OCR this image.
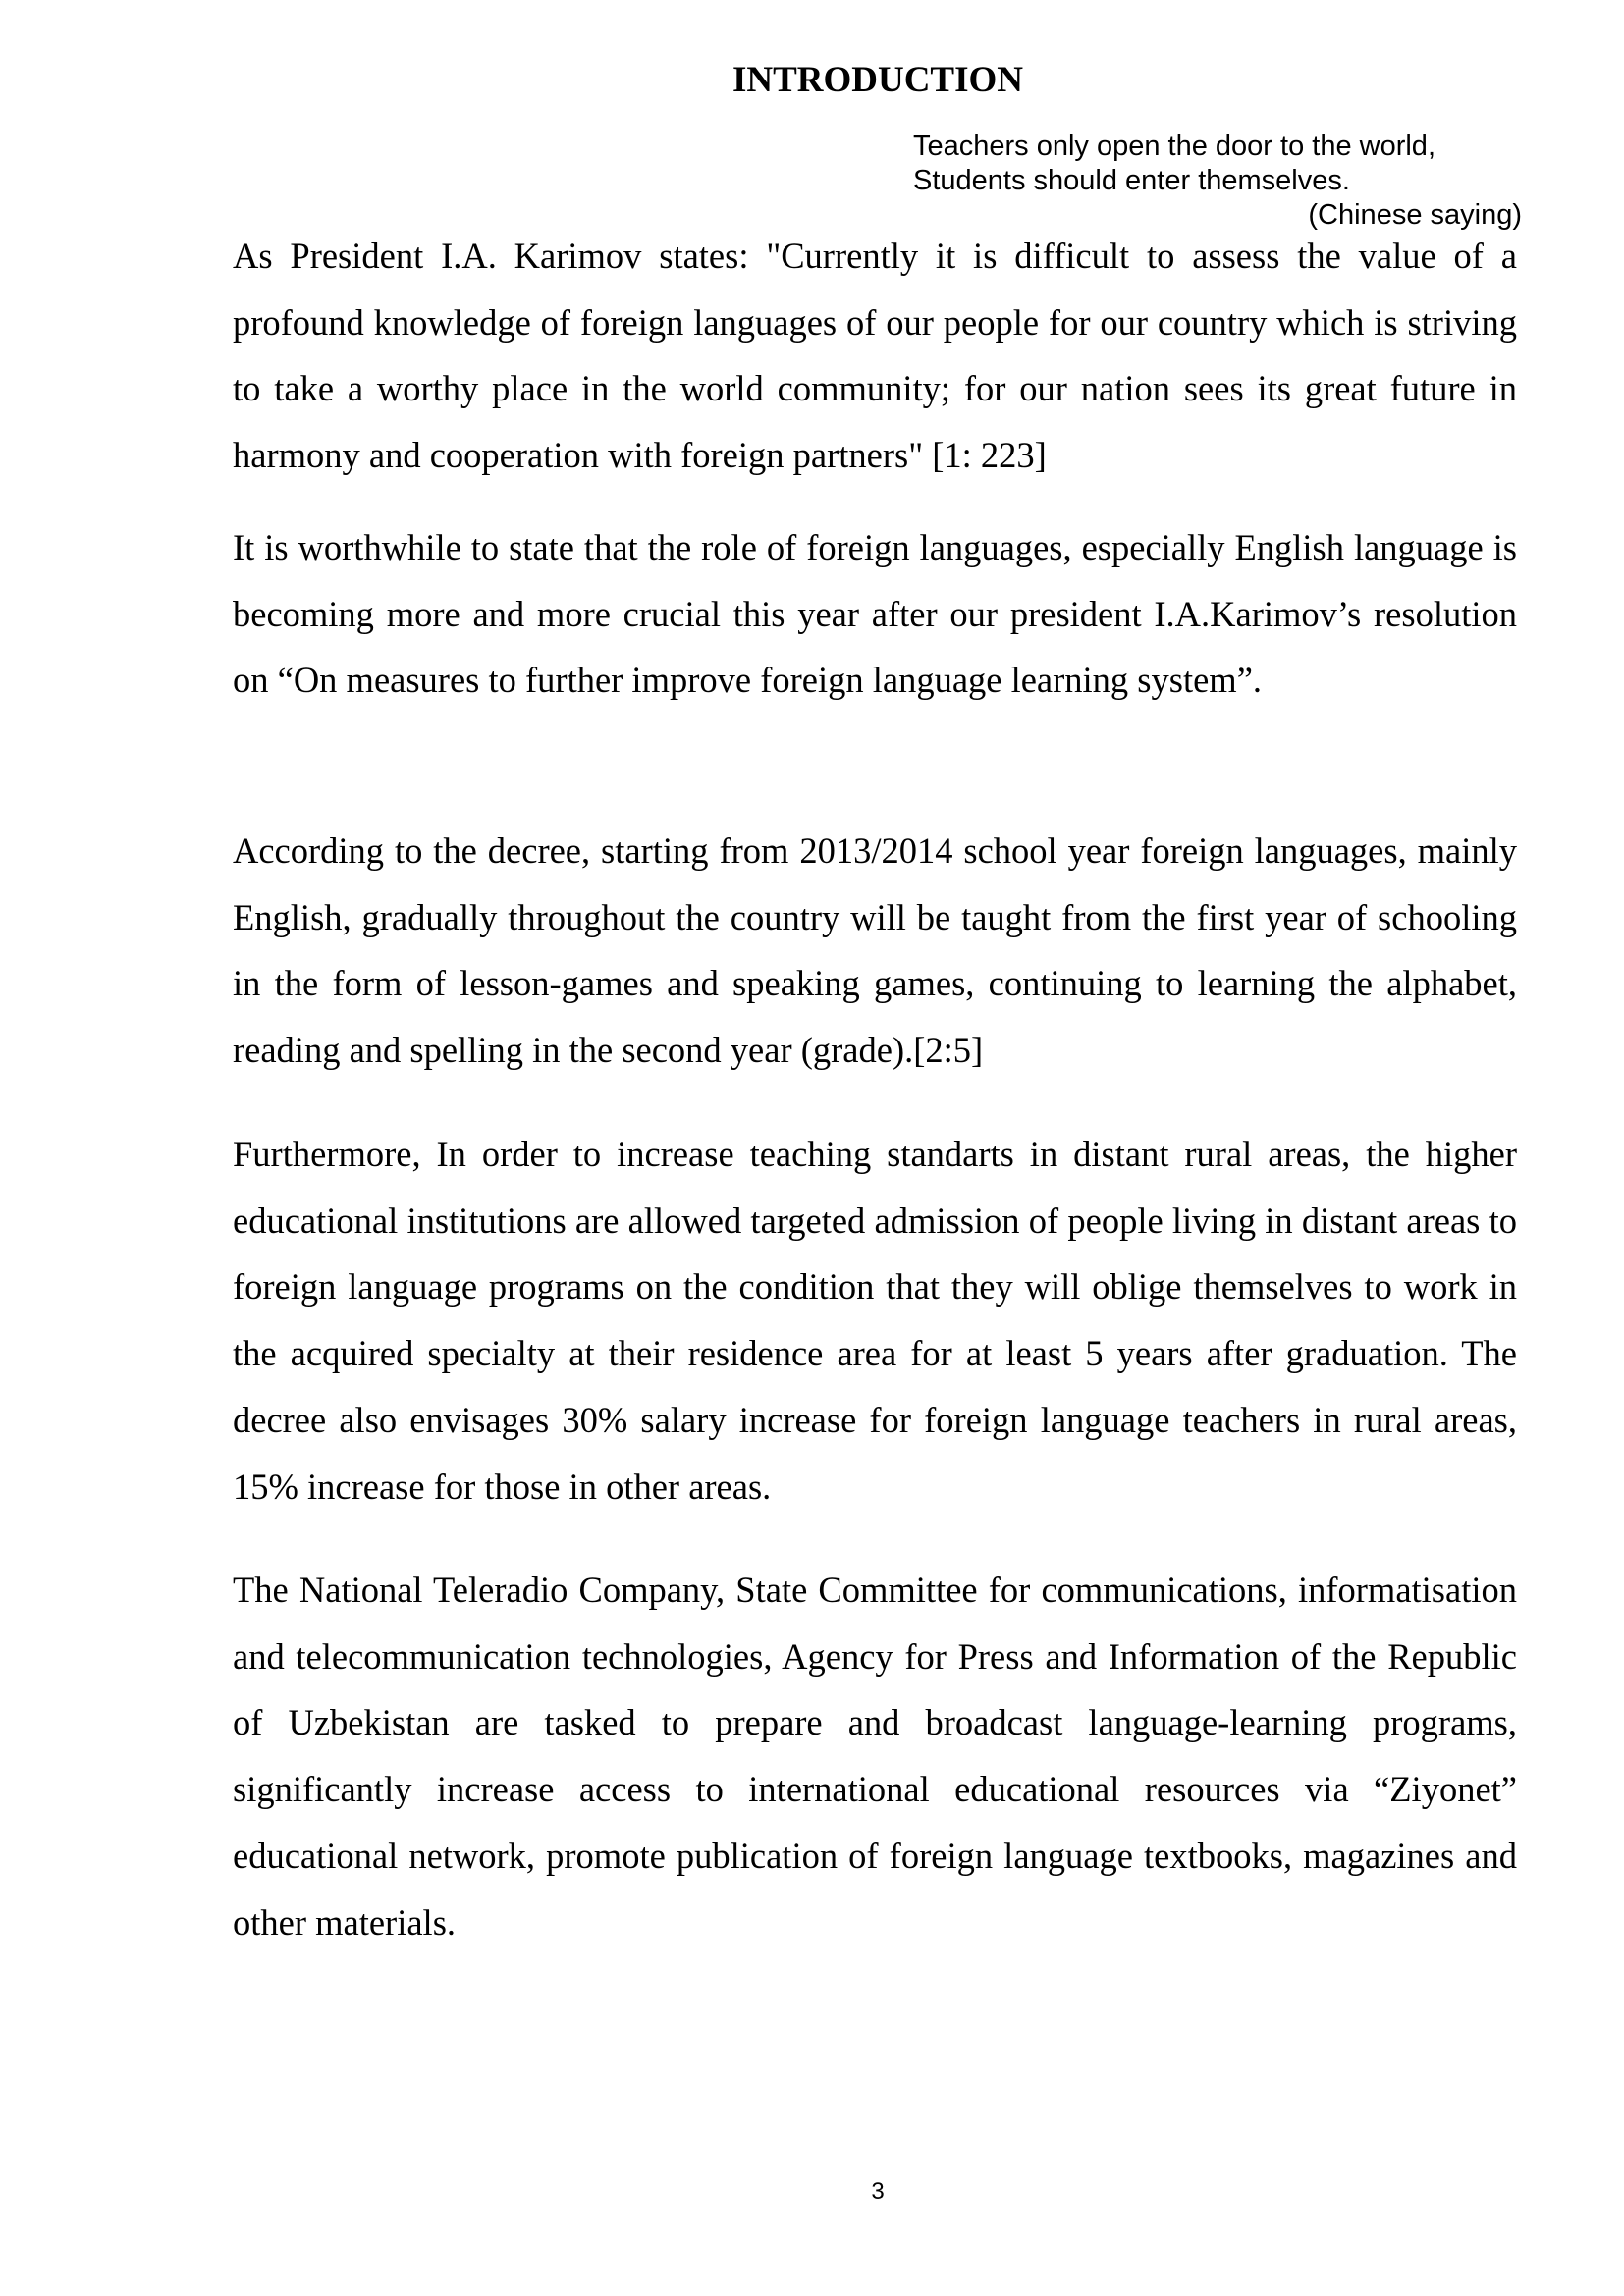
INTRODUCTION
Teachers only open the door to the world,
Students should enter themselves.
(Chinese saying)

As President I.A. Karimov states: "Currently it is difficult to assess the value of a profound knowledge of foreign languages of our people for our country which is striving to take a worthy place in the world community; for our nation sees its great future in harmony and cooperation with foreign partners" [1: 223]

It is worthwhile to state that the role of foreign languages, especially English language is becoming more and more crucial this year after our president I.A.Karimov’s resolution on “On measures to further improve foreign language learning system”.

According to the decree, starting from 2013/2014 school year foreign languages, mainly English, gradually throughout the country will be taught from the first year of schooling in the form of lesson-games and speaking games, continuing to learning the alphabet, reading and spelling in the second year (grade).[2:5]

Furthermore, In order to increase teaching standarts in distant rural areas, the higher educational institutions are allowed targeted admission of people living in distant areas to foreign language programs on the condition that they will oblige themselves to work in the acquired specialty at their residence area for at least 5 years after graduation. The decree also envisages 30% salary increase for foreign language teachers in rural areas, 15% increase for those in other areas.

The National Teleradio Company, State Committee for communications, informatisation and telecommunication technologies, Agency for Press and Information of the Republic of Uzbekistan are tasked to prepare and broadcast language-learning programs, significantly increase access to international educational resources via “Ziyonet” educational network, promote publication of foreign language textbooks, magazines and other materials.

3
